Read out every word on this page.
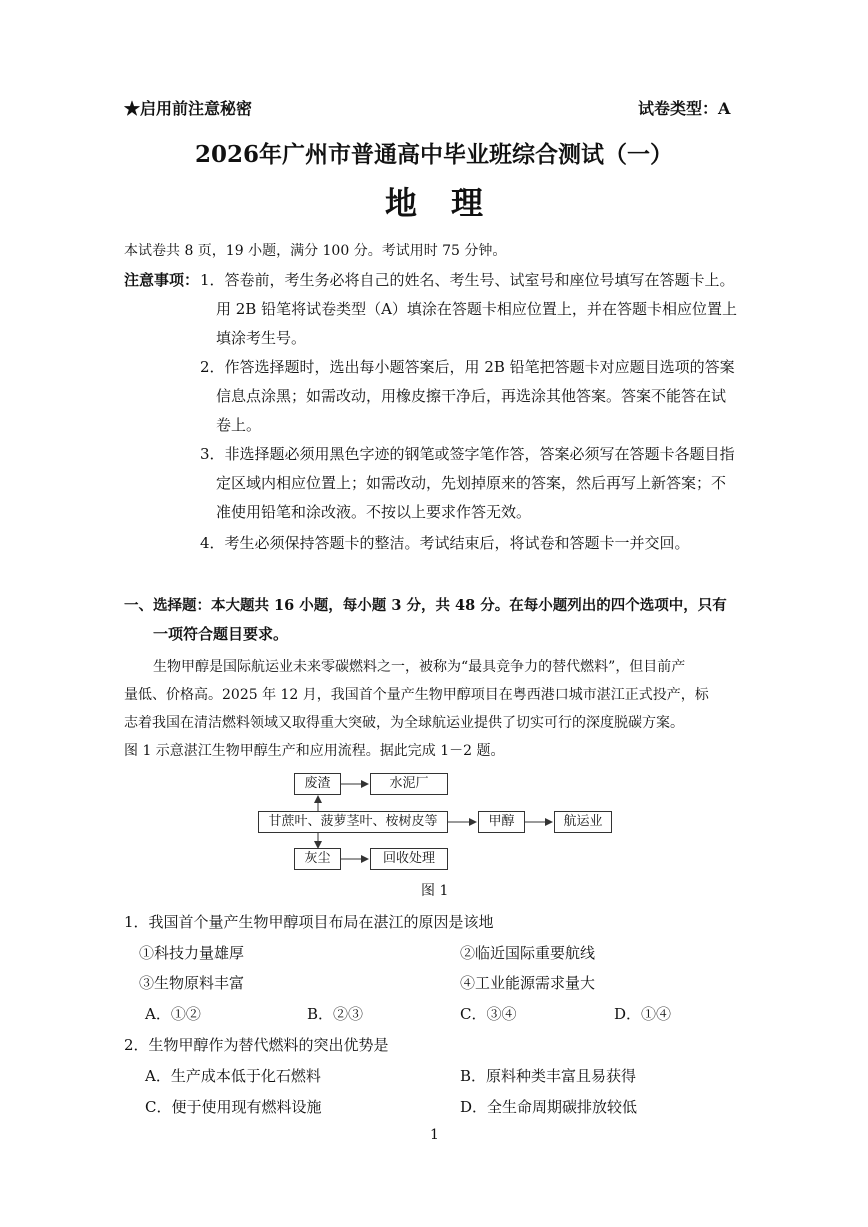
★启用前注意秘密	试卷类型：A
2026年广州市普通高中毕业班综合测试（一）
地理
本试卷共 8 页，19 小题，满分 100 分。考试用时 75 分钟。
注意事项： 1．答卷前，考生务必将自己的姓名、考生号、试室号和座位号填写在答题卡上。
用 2B 铅笔将试卷类型（A）填涂在答题卡相应位置上，并在答题卡相应位置上
填涂考生号。
2．作答选择题时，选出每小题答案后，用 2B 铅笔把答题卡对应题目选项的答案
信息点涂黑；如需改动，用橡皮擦干净后，再选涂其他答案。答案不能答在试
卷上。
3．非选择题必须用黑色字迹的钢笔或签字笔作答，答案必须写在答题卡各题目指
定区域内相应位置上；如需改动，先划掉原来的答案，然后再写上新答案；不
准使用铅笔和涂改液。不按以上要求作答无效。
4．考生必须保持答题卡的整洁。考试结束后，将试卷和答题卡一并交回。
一、选择题：本大题共 16 小题，每小题 3 分，共 48 分。在每小题列出的四个选项中，只有
一项符合题目要求。
生物甲醇是国际航运业未来零碳燃料之一，被称为“最具竞争力的替代燃料”，但目前产
量低、价格高。2025 年 12 月，我国首个量产生物甲醇项目在粤西港口城市湛江正式投产，标
志着我国在清洁燃料领域又取得重大突破，为全球航运业提供了切实可行的深度脱碳方案。
图 1 示意湛江生物甲醇生产和应用流程。据此完成 1－2 题。
废渣	水泥厂
甘蔗叶、菠萝茎叶、桉树皮等	甲醇	航运业
灰尘	回收处理
图 1
1．我国首个量产生物甲醇项目布局在湛江的原因是该地
①科技力量雄厚	②临近国际重要航线
③生物原料丰富	④工业能源需求量大
A．①②	B．②③	C．③④	D．①④
2．生物甲醇作为替代燃料的突出优势是
A．生产成本低于化石燃料	B．原料种类丰富且易获得
C．便于使用现有燃料设施	D．全生命周期碳排放较低
1
